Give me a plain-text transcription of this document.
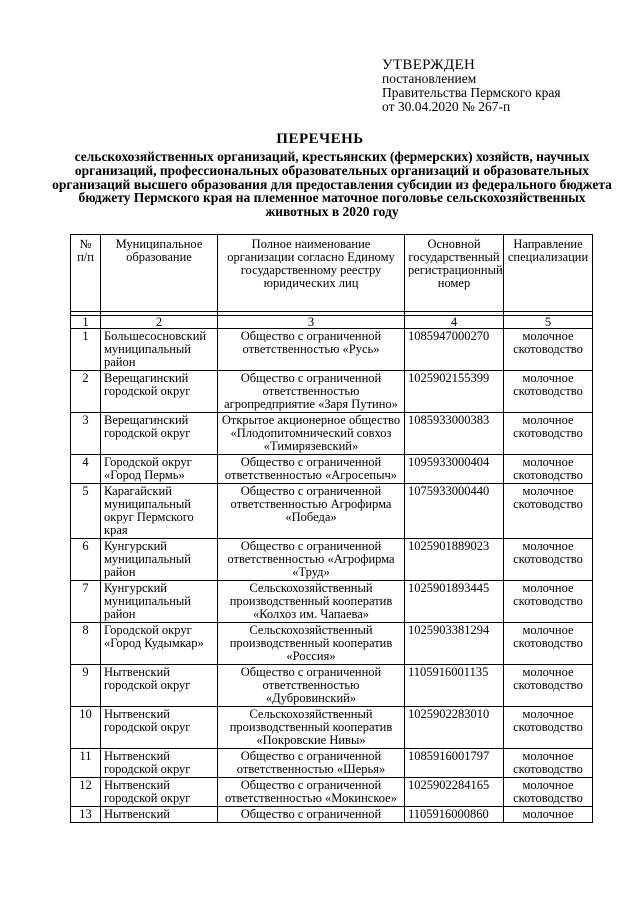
УТВЕРЖДЕН
постановлением
Правительства Пермского края
от 30.04.2020 № 267-п
ПЕРЕЧЕНЬ
сельскохозяйственных организаций, крестьянских (фермерских) хозяйств, научных организаций, профессиональных образовательных организаций и образовательных организаций высшего образования для предоставления субсидии из федерального бюджета бюджету Пермского края на племенное маточное поголовье сельскохозяйственных животных в 2020 году
№ п/п	Муниципальное образование	Полное наименование организации согласно Единому государственному реестру юридических лиц	Основной государственный регистрационный номер	Направление специализации

1	2	3	4	5
1	Большесосновский муниципальный район	Общество с ограниченной ответственностью «Русь»	1085947000270	молочное скотоводство
2	Верещагинский городской округ	Общество с ограниченной ответственностью агропредприятие «Заря Путино»	1025902155399	молочное скотоводство
3	Верещагинский городской округ	Открытое акционерное общество «Плодопитомнический совхоз «Тимирязевский»	1085933000383	молочное скотоводство
4	Городской округ «Город Пермь»	Общество с ограниченной ответственностью «Агросепыч»	1095933000404	молочное скотоводство
5	Карагайский муниципальный округ Пермского края	Общество с ограниченной ответственностью Агрофирма «Победа»	1075933000440	молочное скотоводство
6	Кунгурский муниципальный район	Общество с ограниченной ответственностью «Агрофирма «Труд»	1025901889023	молочное скотоводство
7	Кунгурский муниципальный район	Сельскохозяйственный производственный кооператив «Колхоз им. Чапаева»	1025901893445	молочное скотоводство
8	Городской округ «Город Кудымкар»	Сельскохозяйственный производственный кооператив «Россия»	1025903381294	молочное скотоводство
9	Нытвенский городской округ	Общество с ограниченной ответственностью «Дубровинский»	1105916001135	молочное скотоводство
10	Нытвенский городской округ	Сельскохозяйственный производственный кооператив «Покровские Нивы»	1025902283010	молочное скотоводство
11	Нытвенский городской округ	Общество с ограниченной ответственностью «Шерья»	1085916001797	молочное скотоводство
12	Нытвенский городской округ	Общество с ограниченной ответственностью «Мокинское»	1025902284165	молочное скотоводство
13	Нытвенский	Общество с ограниченной	1105916000860	молочное
